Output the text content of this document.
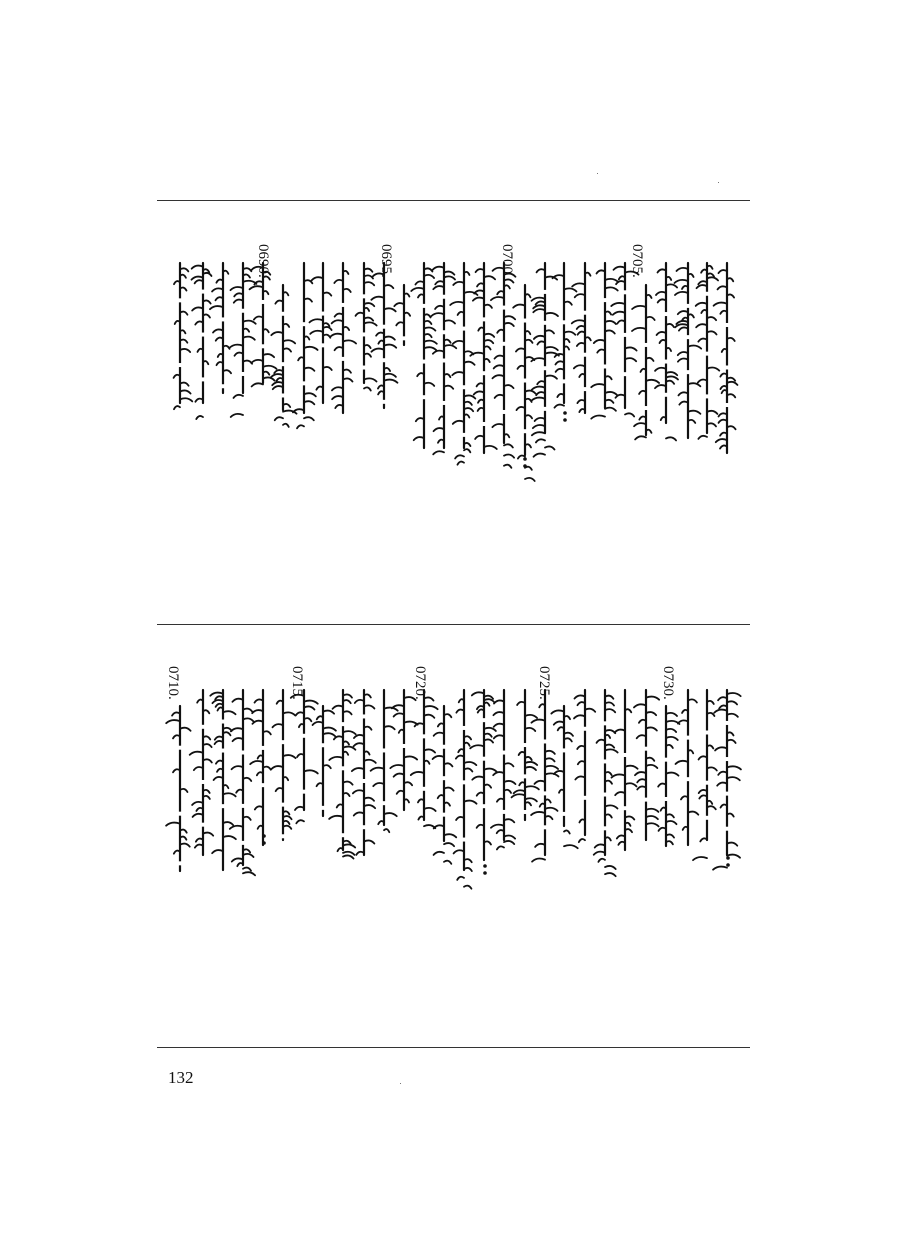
0705.
0700.
0695.
0690.
0730.
0725.
0720.
0715.
0710.
132
